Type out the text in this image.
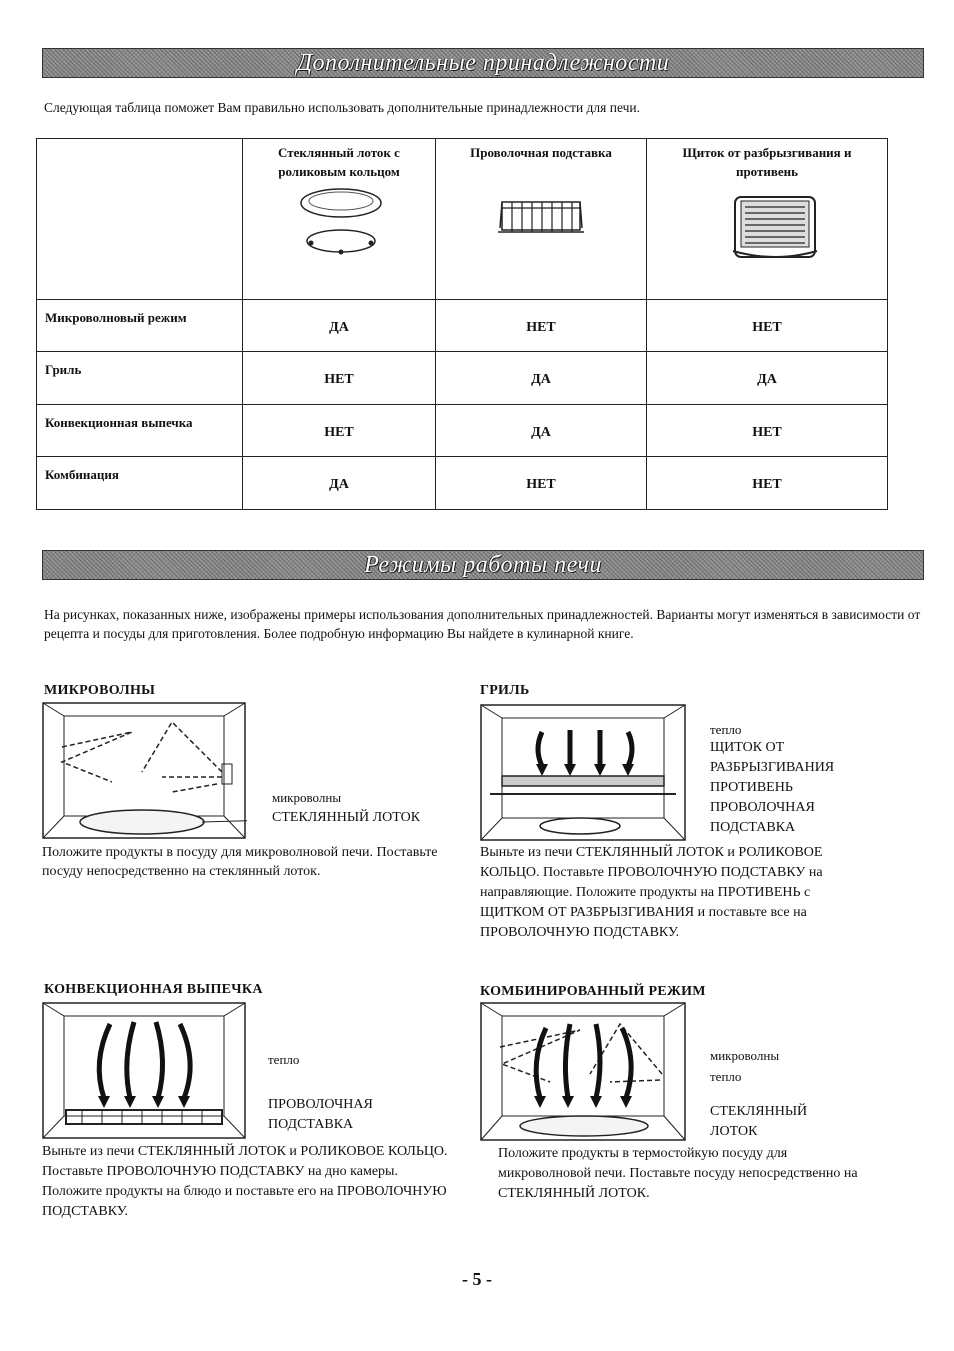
Дополнительные принадлежности
Следующая таблица поможет Вам правильно использовать дополнительные принадлежности для печи.

	Стеклянный лоток с роликовым кольцом	Проволочная подставка	Щиток от разбрызгивания и противень

Микроволновый режим	ДА	НЕТ	НЕТ
Гриль	НЕТ	ДА	ДА
Конвекционная выпечка	НЕТ	ДА	НЕТ
Комбинация	ДА	НЕТ	НЕТ
Режимы работы печи
На рисунках, показанных ниже, изображены примеры использования дополнительных принадлежностей. Варианты могут изменяться в зависимости от рецепта и посуды для приготовления. Более подробную информацию Вы найдете в кулинарной книге.
МИКРОВОЛНЫ
микроволны
СТЕКЛЯННЫЙ ЛОТОК
Положите продукты в посуду для микроволновой печи. Поставьте посуду непосредственно на стеклянный лоток.
ГРИЛЬ
тепло
ЩИТОК ОТ
РАЗБРЫЗГИВАНИЯ
ПРОТИВЕНЬ
ПРОВОЛОЧНАЯ
ПОДСТАВКА
Выньте из печи СТЕКЛЯННЫЙ ЛОТОК и РОЛИКОВОЕ КОЛЬЦО. Поставьте ПРОВОЛОЧНУЮ ПОДСТАВКУ на направляющие. Положите продукты на ПРОТИВЕНЬ с ЩИТКОМ ОТ РАЗБРЫЗГИВАНИЯ и поставьте все на ПРОВОЛОЧНУЮ ПОДСТАВКУ.
КОНВЕКЦИОННАЯ ВЫПЕЧКА
тепло
ПРОВОЛОЧНАЯ
ПОДСТАВКА
Выньте из печи СТЕКЛЯННЫЙ ЛОТОК и РОЛИКОВОЕ КОЛЬЦО. Поставьте ПРОВОЛОЧНУЮ ПОДСТАВКУ на дно камеры. Положите продукты на блюдо и поставьте его на ПРОВОЛОЧНУЮ ПОДСТАВКУ.
КОМБИНИРОВАННЫЙ РЕЖИМ
микроволны
тепло
СТЕКЛЯННЫЙ
ЛОТОК
Положите продукты в термостойкую посуду для микроволновой печи. Поставьте посуду непосредственно на СТЕКЛЯННЫЙ ЛОТОК.
- 5 -
